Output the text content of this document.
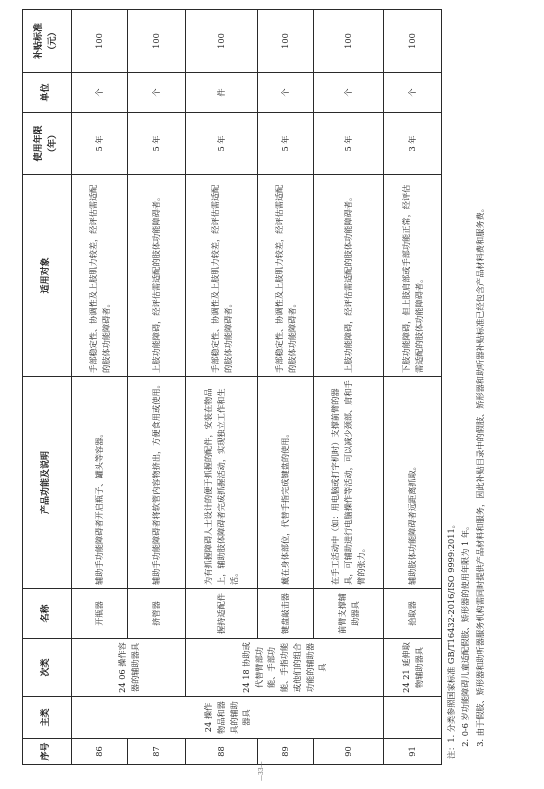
序号	主类	次类	名称	产品功能及说明	适用对象	使用年限（年）	单位	补贴标准（元）
86	24 操作物品和器具的辅助器具	24 06 操作容器的辅助器具	开瓶器	辅助手功能障碍者开启瓶子、罐头等容器。	手部稳定性、协调性及上肢肌力较差，经评估需适配的肢体功能障碍者。	5 年	个	100
87			挤管器	辅助手功能障碍者将软管内容物挤出，方便食用或使用。	上肢功能障碍，经评估需适配的肢体功能障碍者。	5 年	个	100
88		24 18 协助或代替臂部功能、手部功能、手指功能或他们的组合功能的辅助器具	握持适配件	为有抓握障碍人士设计的便于抓握的配件，安装在物品上，辅助肢体障碍者完成抓握活动，实现独立工作和生活。	手部稳定性、协调性及上肢肌力较差，经评估需适配的肢体功能障碍者。	5 年	件	100
89			键盘敲击器	戴在身体部位，代替手指完成键盘的使用。	手部稳定性、协调性及上肢肌力较差，经评估需适配的肢体功能障碍者。	5 年	个	100
90			前臂支撑辅助器具	在手工活动中（如：用电脑或打字机时）支撑前臂的器具，可辅助进行电脑操作等活动，可以减少颈部、肩和手臂的张力。	上肢功能障碍，经评估需适配的肢体功能障碍者。	5 年	个	100
91		24 21 延伸取物辅助器具	拾取器	辅助肢体功能障碍者远距离抓取。	下肢功能障碍，但上肢肩部或手部功能正常，经评估需适配的肢体功能障碍者。	3 年	个	100
注：1. 分类参照国家标准 GB/T16432-2016/ISO 9999:2011。 2. 0-6 岁功能障碍儿童适配假肢、矫形器的使用年限为 1 年。 3. 由于假肢、矫形器和助听器服务机构需同时提供产品材料和服务，因此补贴目录中的假肢、矫形器和助听器补贴标准已经包含产品材料费和服务费。
—33—
